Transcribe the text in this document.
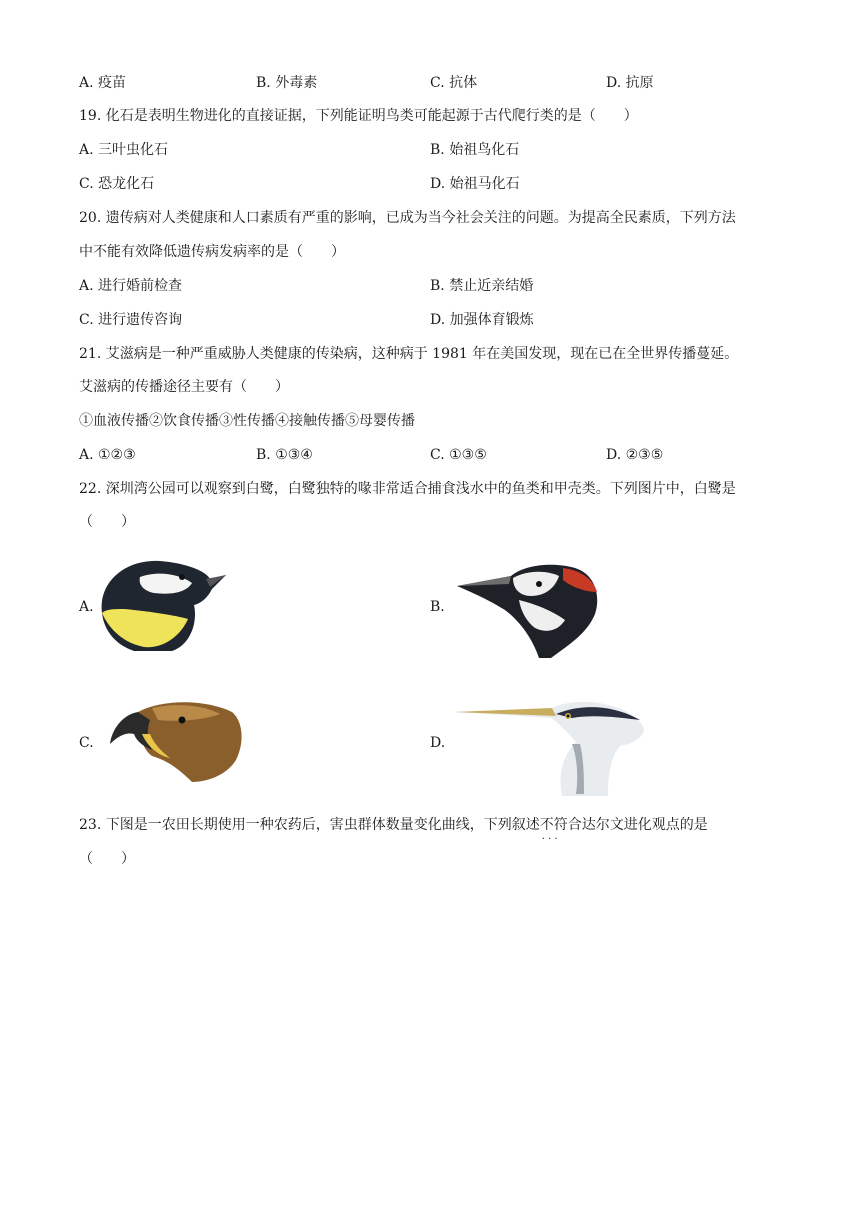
A. 疫苗	B. 外毒素	C. 抗体	D. 抗原
19. 化石是表明生物进化的直接证据，下列能证明鸟类可能起源于古代爬行类的是（　　）
A. 三叶虫化石	B. 始祖鸟化石
C. 恐龙化石	D. 始祖马化石
20. 遗传病对人类健康和人口素质有严重的影响，已成为当今社会关注的问题。为提高全民素质，下列方法
中不能有效降低遗传病发病率的是（　　）
A. 进行婚前检查	B. 禁止近亲结婚
C. 进行遗传咨询	D. 加强体育锻炼
21. 艾滋病是一种严重威胁人类健康的传染病，这种病于 1981 年在美国发现，现在已在全世界传播蔓延。
艾滋病的传播途径主要有（　　）
①血液传播②饮食传播③性传播④接触传播⑤母婴传播
A. ①②③	B. ①③④	C. ①③⑤	D. ②③⑤
22. 深圳湾公园可以观察到白鹭，白鹭独特的喙非常适合捕食浅水中的鱼类和甲壳类。下列图片中，白鹭是
（　　）
A.	B.
C.	D.
23. 下图是一农田长期使用一种农药后，害虫群体数量变化曲线，下列叙述不符合 · · ·达尔文进化观点的是
（　　）
